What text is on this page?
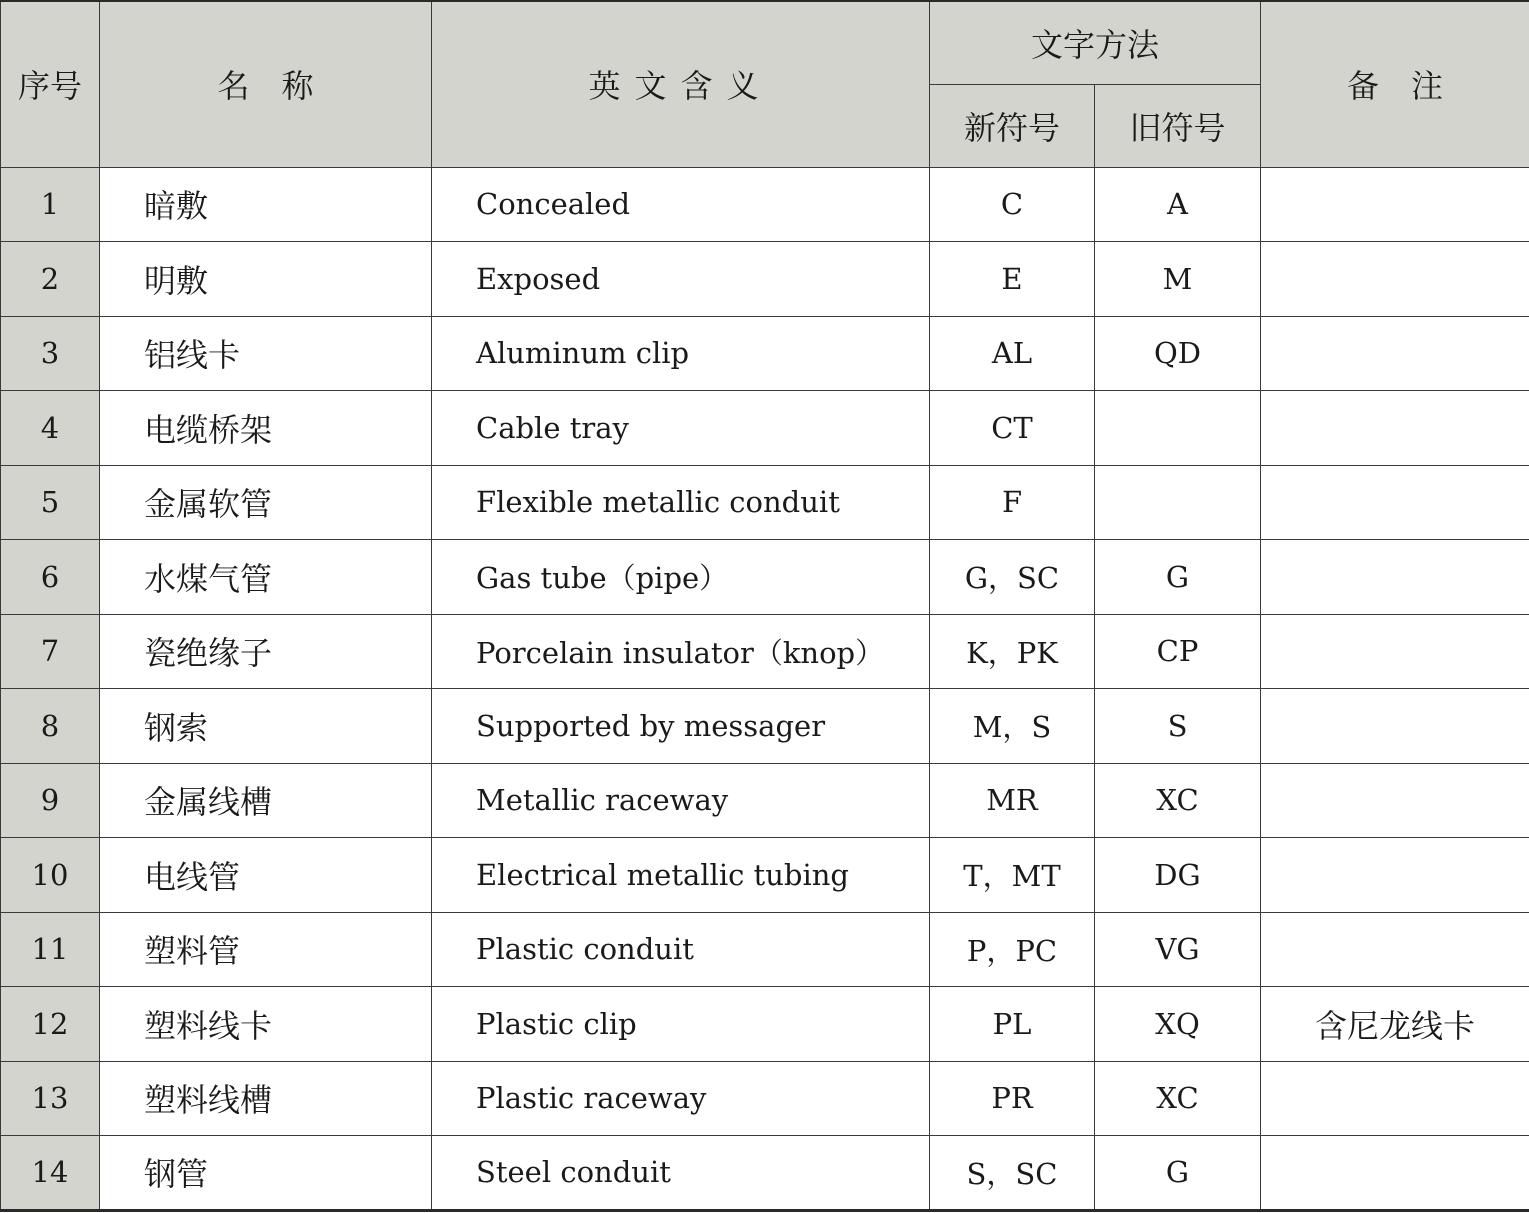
序号	名　称	英文含义	文字方法		备　注
			新符号	旧符号	
1	暗敷	Concealed	C	A	
2	明敷	Exposed	E	M	
3	铝线卡	Aluminum clip	AL	QD	
4	电缆桥架	Cable tray	CT		
5	金属软管	Flexible metallic conduit	F		
6	水煤气管	Gas tube（pipe）	G，SC	G	
7	瓷绝缘子	Porcelain insulator（knop）	K，PK	CP	
8	钢索	Supported by messager	M，S	S	
9	金属线槽	Metallic raceway	MR	XC	
10	电线管	Electrical metallic tubing	T，MT	DG	
11	塑料管	Plastic conduit	P，PC	VG	
12	塑料线卡	Plastic clip	PL	XQ	含尼龙线卡
13	塑料线槽	Plastic raceway	PR	XC	
14	钢管	Steel conduit	S，SC	G	
